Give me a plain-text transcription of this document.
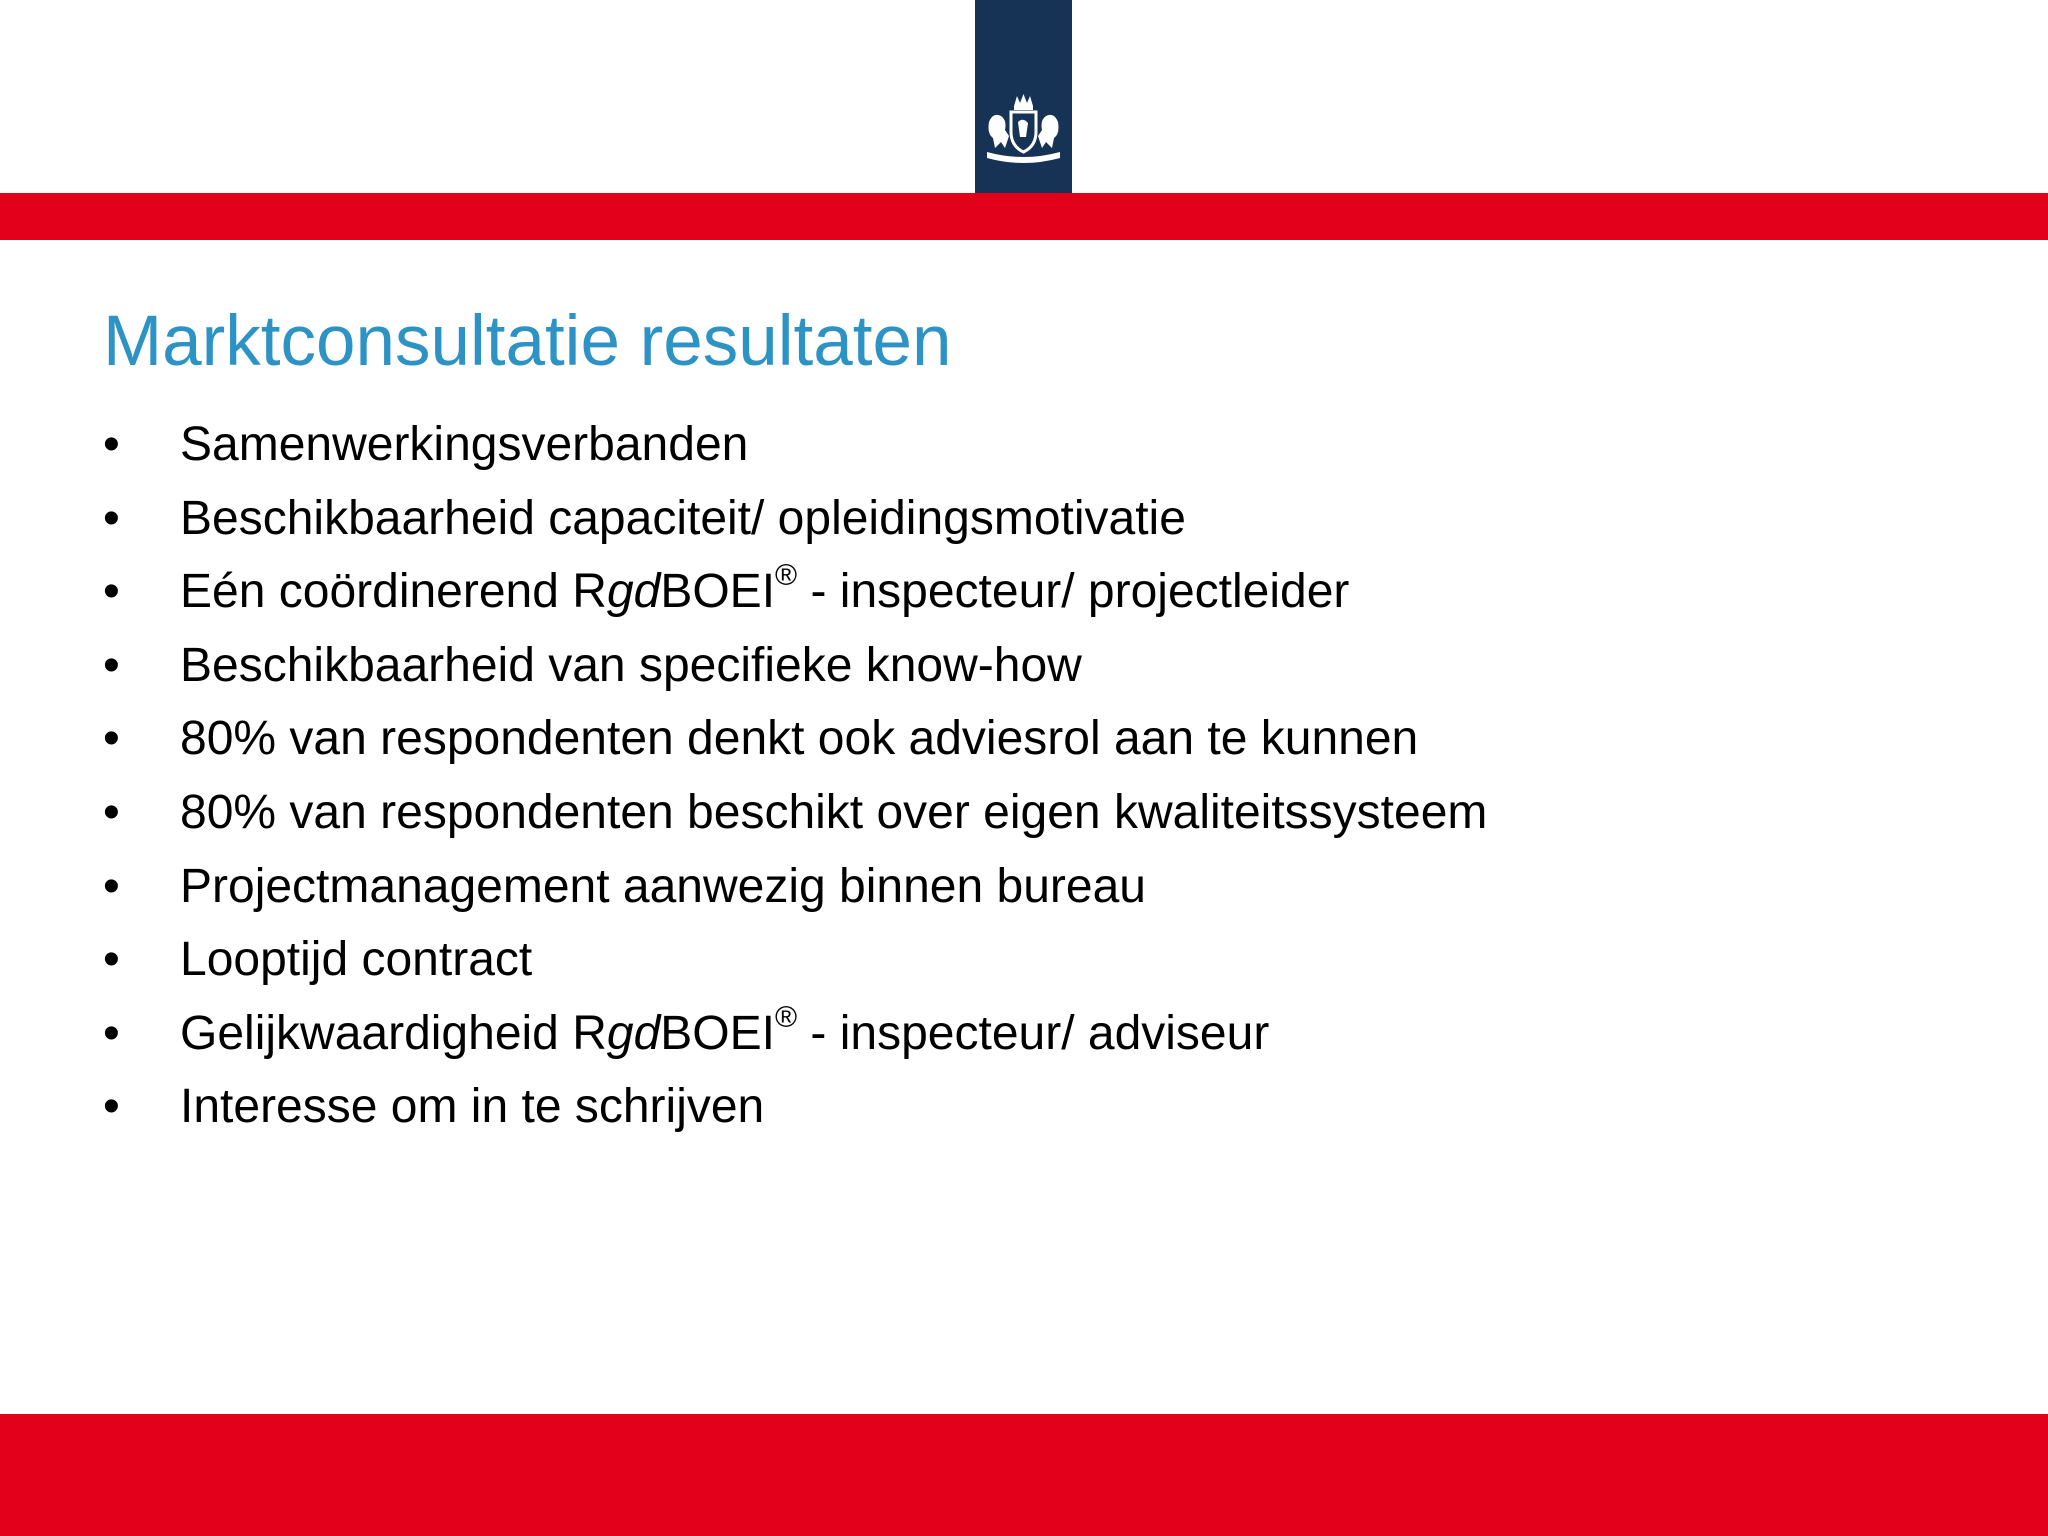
Marktconsultatie resultaten
• Samenwerkingsverbanden
• Beschikbaarheid capaciteit/ opleidingsmotivatie
• Eén coördinerend RgdBOEI® - inspecteur/ projectleider
• Beschikbaarheid van specifieke know-how
• 80% van respondenten denkt ook adviesrol aan te kunnen
• 80% van respondenten beschikt over eigen kwaliteitssysteem
• Projectmanagement aanwezig binnen bureau
• Looptijd contract
• Gelijkwaardigheid RgdBOEI® - inspecteur/ adviseur
• Interesse om in te schrijven
